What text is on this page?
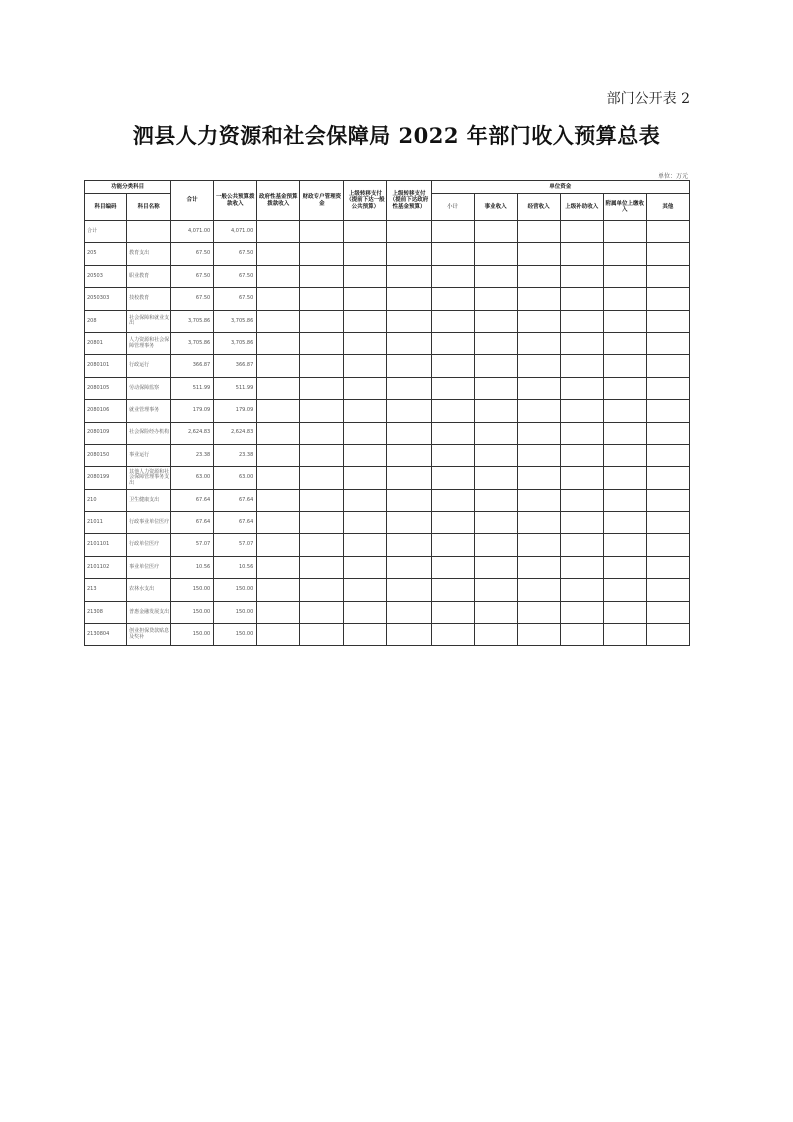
部门公开表 2
泗县人力资源和社会保障局 2022 年部门收入预算总表
单位：万元
功能分类科目		合计	一般公共预算拨款收入	政府性基金预算拨款收入	财政专户管理资金	上级转移支付（提前下达一般公共预算）	上级转移支付（提前下达政府性基金预算）	单位资金					
科目编码	科目名称							小计	事业收入	经营收入	上级补助收入	附属单位上缴收入	其他
合计		4,071.00	4,071.00										
205	教育支出	67.50	67.50										
20503	职业教育	67.50	67.50										
2050303	技校教育	67.50	67.50										
208	社会保障和就业支出	3,705.86	3,705.86										
20801	人力资源和社会保障管理事务	3,705.86	3,705.86										
2080101	行政运行	366.87	366.87										
2080105	劳动保障监察	511.99	511.99										
2080106	就业管理事务	179.09	179.09										
2080109	社会保险经办机构	2,624.83	2,624.83										
2080150	事业运行	23.38	23.38										
2080199	其他人力资源和社会保障管理事务支出	63.00	63.00										
210	卫生健康支出	67.64	67.64										
21011	行政事业单位医疗	67.64	67.64										
2101101	行政单位医疗	57.07	57.07										
2101102	事业单位医疗	10.56	10.56										
213	农林水支出	150.00	150.00										
21308	普惠金融发展支出	150.00	150.00										
2130804	创业担保贷款贴息及奖补	150.00	150.00										
